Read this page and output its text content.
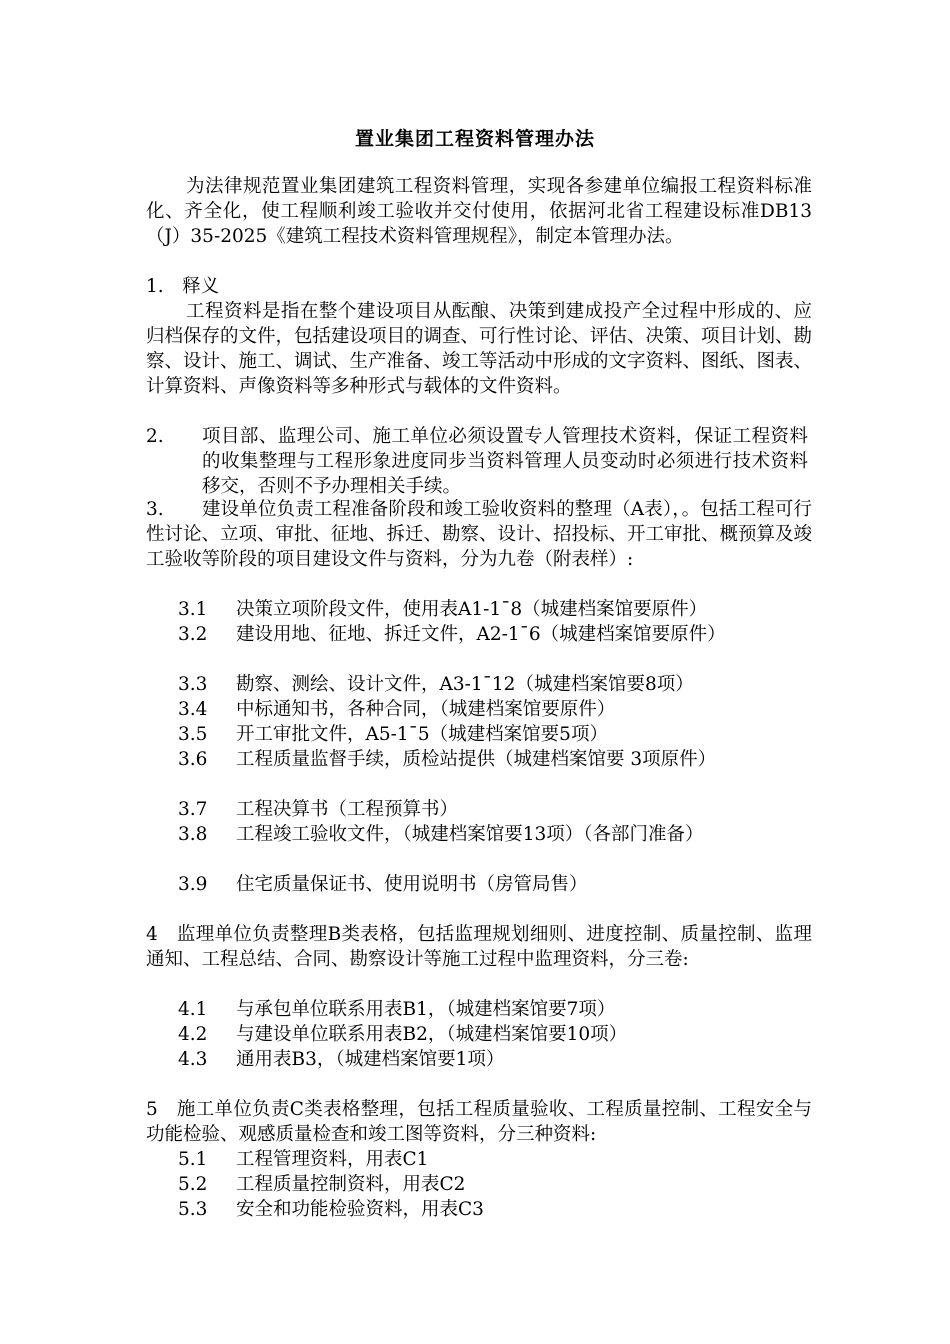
置业集团工程资料管理办法

为法律规范置业集团建筑工程资料管理，实现各参建单位编报工程资料标准化、齐全化，使工程顺利竣工验收并交付使用，依据河北省工程建设标准DB13（J）35-2025《建筑工程技术资料管理规程》，制定本管理办法。

1.　释义

工程资料是指在整个建设项目从酝酿、决策到建成投产全过程中形成的、应归档保存的文件，包括建设项目的调查、可行性讨论、评估、决策、项目计划、勘察、设计、施工、调试、生产准备、竣工等活动中形成的文字资料、图纸、图表、计算资料、声像资料等多种形式与载体的文件资料。

2. 项目部、监理公司、施工单位必须设置专人管理技术资料，保证工程资料的收集整理与工程形象进度同步当资料管理人员变动时必须进行技术资料移交，否则不予办理相关手续。

3.	建设单位负责工程准备阶段和竣工验收资料的整理（A表），。包括工程可行性讨论、立项、审批、征地、拆迁、勘察、设计、招投标、开工审批、概预算及竣工验收等阶段的项目建设文件与资料，分为九卷（附表样）:

3.1 决策立项阶段文件，使用表A1-1¯8（城建档案馆要原件）

3.2 建设用地、征地、拆迁文件，A2-1¯6（城建档案馆要原件）

3.3 勘察、测绘、设计文件，A3-1¯12（城建档案馆要8项）

3.4 中标通知书，各种合同，（城建档案馆要原件）

3.5 开工审批文件，A5-1¯5（城建档案馆要5项）

3.6 工程质量监督手续，质检站提供（城建档案馆要 3项原件）

3.7 工程决算书（工程预算书）

3.8 工程竣工验收文件，（城建档案馆要13项）（各部门准备）

3.9 住宅质量保证书、使用说明书（房管局售）

4　监理单位负责整理B类表格，包括监理规划细则、进度控制、质量控制、监理通知、工程总结、合同、勘察设计等施工过程中监理资料，分三卷:

4.1 与承包单位联系用表B1，（城建档案馆要7项）

4.2 与建设单位联系用表B2，（城建档案馆要10项）

4.3 通用表B3，（城建档案馆要1项）

5　施工单位负责C类表格整理，包括工程质量验收、工程质量控制、工程安全与功能检验、观感质量检查和竣工图等资料，分三种资料:

5.1 工程管理资料，用表C1

5.2 工程质量控制资料，用表C2

5.3 安全和功能检验资料，用表C3
